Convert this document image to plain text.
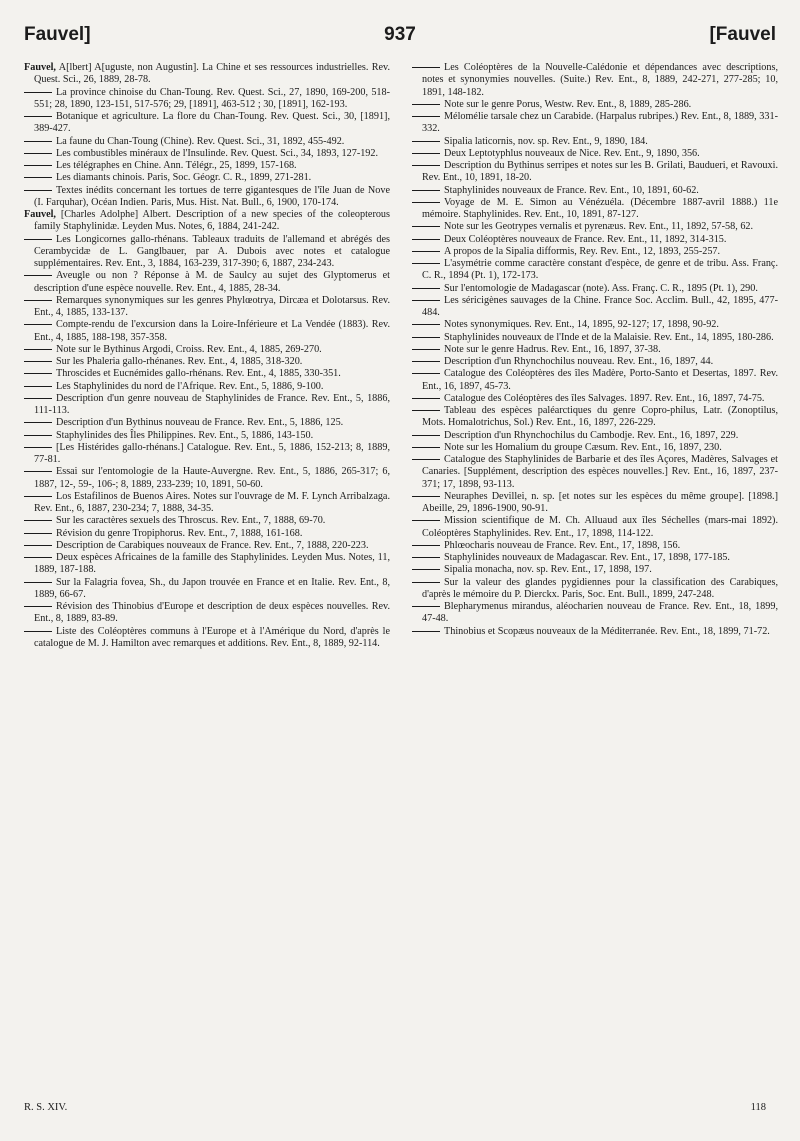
Fauvel]	937	[Fauvel

Fauvel, A[lbert] A[uguste, non Augustin]. La Chine et ses ressources industrielles. Rev. Quest. Sci., 26, 1889, 28-78.

La province chinoise du Chan-Toung. Rev. Quest. Sci., 27, 1890, 169-200, 518-551; 28, 1890, 123-151, 517-576; 29, [1891], 463-512 ; 30, [1891], 162-193.

Botanique et agriculture. La flore du Chan-Toung. Rev. Quest. Sci., 30, [1891], 389-427.

La faune du Chan-Toung (Chine). Rev. Quest. Sci., 31, 1892, 455-492.

Les combustibles minéraux de l'Insulinde. Rev. Quest. Sci., 34, 1893, 127-192.

Les télégraphes en Chine. Ann. Télégr., 25, 1899, 157-168.

Les diamants chinois. Paris, Soc. Géogr. C. R., 1899, 271-281.

Textes inédits concernant les tortues de terre gigantesques de l'île Juan de Nove (I. Farquhar), Océan Indien. Paris, Mus. Hist. Nat. Bull., 6, 1900, 170-174.

Fauvel, [Charles Adolphe] Albert. Description of a new species of the coleopterous family Staphylinidæ. Leyden Mus. Notes, 6, 1884, 241-242.

Les Longicornes gallo-rhénans. Tableaux traduits de l'allemand et abrégés des Cerambycidæ de L. Ganglbauer, par A. Dubois avec notes et catalogue supplémentaires. Rev. Ent., 3, 1884, 163-239, 317-390; 6, 1887, 234-243.

Aveugle ou non ? Réponse à M. de Saulcy au sujet des Glyptomerus et description d'une espèce nouvelle. Rev. Ent., 4, 1885, 28-34.

Remarques synonymiques sur les genres Phylœotrya, Dircæa et Dolotarsus. Rev. Ent., 4, 1885, 133-137.

Compte-rendu de l'excursion dans la Loire-Inférieure et La Vendée (1883). Rev. Ent., 4, 1885, 188-198, 357-358.

Note sur le Bythinus Argodi, Croiss. Rev. Ent., 4, 1885, 269-270.

Sur les Phaleria gallo-rhénanes. Rev. Ent., 4, 1885, 318-320.

Throscides et Eucnémides gallo-rhénans. Rev. Ent., 4, 1885, 330-351.

Les Staphylinides du nord de l'Afrique. Rev. Ent., 5, 1886, 9-100.

Description d'un genre nouveau de Staphylinides de France. Rev. Ent., 5, 1886, 111-113.

Description d'un Bythinus nouveau de France. Rev. Ent., 5, 1886, 125.

Staphylinides des Îles Philippines. Rev. Ent., 5, 1886, 143-150.

[Les Histérides gallo-rhénans.] Catalogue. Rev. Ent., 5, 1886, 152-213; 8, 1889, 77-81.

Essai sur l'entomologie de la Haute-Auvergne. Rev. Ent., 5, 1886, 265-317; 6, 1887, 12-, 59-, 106-; 8, 1889, 233-239; 10, 1891, 50-60.

Los Estafilinos de Buenos Aires. Notes sur l'ouvrage de M. F. Lynch Arribalzaga. Rev. Ent., 6, 1887, 230-234; 7, 1888, 34-35.

Sur les caractères sexuels des Throscus. Rev. Ent., 7, 1888, 69-70.

Révision du genre Tropiphorus. Rev. Ent., 7, 1888, 161-168.

Description de Carabiques nouveaux de France. Rev. Ent., 7, 1888, 220-223.

Deux espèces Africaines de la famille des Staphylinides. Leyden Mus. Notes, 11, 1889, 187-188.

Sur la Falagria fovea, Sh., du Japon trouvée en France et en Italie. Rev. Ent., 8, 1889, 66-67.

Révision des Thinobius d'Europe et description de deux espèces nouvelles. Rev. Ent., 8, 1889, 83-89.

Liste des Coléoptères communs à l'Europe et à l'Amérique du Nord, d'après le catalogue de M. J. Hamilton avec remarques et additions. Rev. Ent., 8, 1889, 92-114.

Les Coléoptères de la Nouvelle-Calédonie et dépendances avec descriptions, notes et synonymies nouvelles. (Suite.) Rev. Ent., 8, 1889, 242-271, 277-285; 10, 1891, 148-182.

Note sur le genre Porus, Westw. Rev. Ent., 8, 1889, 285-286.

Mélomélie tarsale chez un Carabide. (Harpalus rubripes.) Rev. Ent., 8, 1889, 331-332.

Sipalia laticornis, nov. sp. Rev. Ent., 9, 1890, 184.

Deux Leptotyphlus nouveaux de Nice. Rev. Ent., 9, 1890, 356.

Description du Bythinus serripes et notes sur les B. Grilati, Baudueri, et Ravouxi. Rev. Ent., 10, 1891, 18-20.

Staphylinides nouveaux de France. Rev. Ent., 10, 1891, 60-62.

Voyage de M. E. Simon au Vénézuéla. (Décembre 1887-avril 1888.) 11e mémoire. Staphylinides. Rev. Ent., 10, 1891, 87-127.

Note sur les Geotrypes vernalis et pyrenæus. Rev. Ent., 11, 1892, 57-58, 62.

Deux Coléoptères nouveaux de France. Rev. Ent., 11, 1892, 314-315.

A propos de la Sipalia difformis, Rey. Rev. Ent., 12, 1893, 255-257.

L'asymétrie comme caractère constant d'espèce, de genre et de tribu. Ass. Franç. C. R., 1894 (Pt. 1), 172-173.

Sur l'entomologie de Madagascar (note). Ass. Franç. C. R., 1895 (Pt. 1), 290.

Les séricigènes sauvages de la Chine. France Soc. Acclim. Bull., 42, 1895, 477-484.

Notes synonymiques. Rev. Ent., 14, 1895, 92-127; 17, 1898, 90-92.

Staphylinides nouveaux de l'Inde et de la Malaisie. Rev. Ent., 14, 1895, 180-286.

Note sur le genre Hadrus. Rev. Ent., 16, 1897, 37-38.

Description d'un Rhynchochilus nouveau. Rev. Ent., 16, 1897, 44.

Catalogue des Coléoptères des îles Madère, Porto-Santo et Desertas, 1897. Rev. Ent., 16, 1897, 45-73.

Catalogue des Coléoptères des îles Salvages. 1897. Rev. Ent., 16, 1897, 74-75.

Tableau des espèces paléarctiques du genre Copro-philus, Latr. (Zonoptilus, Mots. Homalotrichus, Sol.) Rev. Ent., 16, 1897, 226-229.

Description d'un Rhynchochilus du Cambodje. Rev. Ent., 16, 1897, 229.

Note sur les Homalium du groupe Cæsum. Rev. Ent., 16, 1897, 230.

Catalogue des Staphylinides de Barbarie et des îles Açores, Madères, Salvages et Canaries. [Supplément, description des espèces nouvelles.] Rev. Ent., 16, 1897, 237-371; 17, 1898, 93-113.

Neuraphes Devillei, n. sp. [et notes sur les espèces du même groupe]. [1898.] Abeille, 29, 1896-1900, 90-91.

Mission scientifique de M. Ch. Alluaud aux îles Séchelles (mars-mai 1892). Coléoptères Staphylinides. Rev. Ent., 17, 1898, 114-122.

Phlœocharis nouveau de France. Rev. Ent., 17, 1898, 156.

Staphylinides nouveaux de Madagascar. Rev. Ent., 17, 1898, 177-185.

Sipalia monacha, nov. sp. Rev. Ent., 17, 1898, 197.

Sur la valeur des glandes pygidiennes pour la classification des Carabiques, d'après le mémoire du P. Dierckx. Paris, Soc. Ent. Bull., 1899, 247-248.

Blepharymenus mirandus, aléocharien nouveau de France. Rev. Ent., 18, 1899, 47-48.

Thinobius et Scopæus nouveaux de la Méditerranée. Rev. Ent., 18, 1899, 71-72.

R. S. XIV.	118
